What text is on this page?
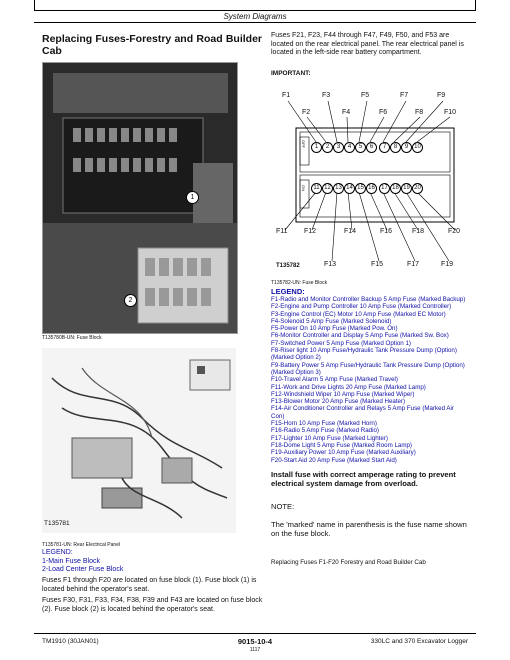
System Diagrams
Replacing Fuses-Forestry and Road Builder Cab
1
2
T135780B-UN: Fuse Block
T135781
T135781-UN: Rear Electrical Panel
LEGEND:
1-Main Fuse Block
2-Load Center Fuse Block
Fuses F1 through F20 are located on fuse block (1). Fuse block (1) is located behind the operator's seat.
Fuses F30, F31, F33, F34, F38, F39 and F43 are located on fuse block (2). Fuse block (2) is located behind the operator's seat.
Fuses F21, F23, F44 through F47, F49, F50, and F53 are located on the rear electrical panel. The rear electrical panel is located in the left-side rear battery compartment.
IMPORTANT:
F1	F3	F5	F7	F9
F2	F4	F6	F8	F10
OFF
ON
1	2	3	4	5	6	7	8	9 10
11 12 13 14 15 16	17 18 19 20
F11 F12	F14	F16	F18	F20
F13	F15	F17	F19
T135782
T135782-UN: Fuse Block
LEGEND:
F1-Radio and Monitor Controller Backup 5 Amp Fuse (Marked Backup)
F2-Engine and Pump Controller 10 Amp Fuse (Marked Controller)
F3-Engine Control (EC) Motor 10 Amp Fuse (Marked EC Motor)
F4-Solenoid 5 Amp Fuse (Marked Solenoid)
F5-Power On 10 Amp Fuse (Marked Pow. On)
F6-Monitor Controller and Display 5 Amp Fuse (Marked Sw. Box)
F7-Switched Power 5 Amp Fuse (Marked Option 1)
F8-Riser light 10 Amp Fuse/Hydraulic Tank Pressure Dump (Option)
(Marked Option 2)
F9-Battery Power 5 Amp Fuse/Hydraulic Tank Pressure Dump (Option)
(Marked Option 3)
F10-Travel Alarm 5 Amp Fuse (Marked Travel)
F11-Work and Drive Lights 20 Amp Fuse (Marked Lamp)
F12-Windshield Wiper 10 Amp Fuse (Marked Wiper)
F13-Blower Motor 20 Amp Fuse (Marked Heater)
F14-Air Conditioner Controller and Relays 5 Amp Fuse (Marked Air
Con)
F15-Horn 10 Amp Fuse (Marked Horn)
F16-Radio 5 Amp Fuse (Marked Radio)
F17-Lighter 10 Amp Fuse (Marked Lighter)
F18-Dome Light 5 Amp Fuse (Marked Room Lamp)
F19-Auxiliary Power 10 Amp Fuse (Marked Auxiliary)
F20-Start Aid 20 Amp Fuse (Marked Start Aid)
Install fuse with correct amperage rating to prevent electrical system damage from overload.
NOTE:
The 'marked' name in parenthesis is the fuse name shown on the fuse block.
Replacing Fuses F1-F20 Forestry and Road Builder Cab
TM1910 (30JAN01)	9015-10-4	330LC and 370 Excavator Logger
1117
